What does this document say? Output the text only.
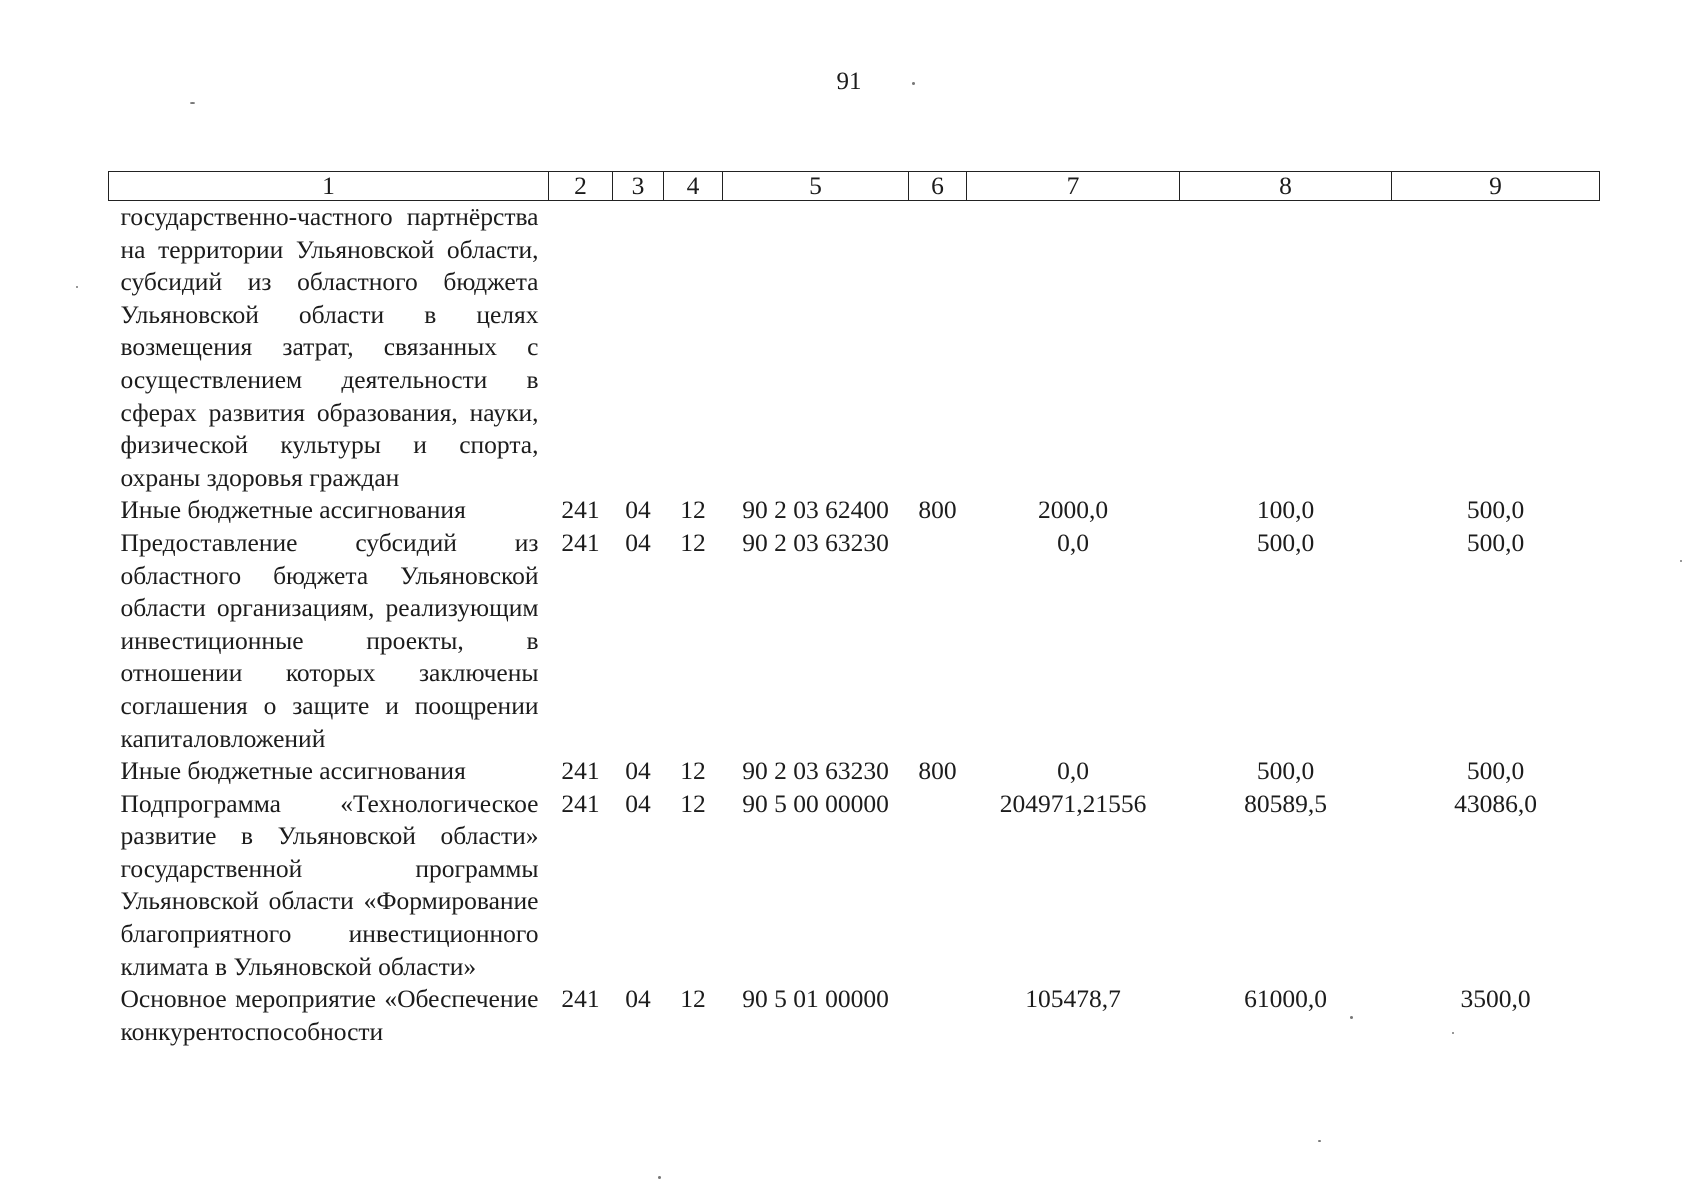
91
1	2	3	4	5	6	7	8	9
государственно-частного партнёрства на территории Ульяновской области, субсидий из областного бюджета Ульяновской области в целях возмещения затрат, связанных с осуществлением деятельности в сферах развития образования, науки, физической культуры и спорта, охраны здоровья граждан								
Иные бюджетные ассигнования	241	04	12	90 2 03 62400	800	2000,0	100,0	500,0
Предоставление субсидий из областного бюджета Ульяновской области организациям, реализующим инвестиционные проекты, в отношении которых заключены соглашения о защите и поощрении капиталовложений	241	04	12	90 2 03 63230		0,0	500,0	500,0
Иные бюджетные ассигнования	241	04	12	90 2 03 63230	800	0,0	500,0	500,0
Подпрограмма «Технологическое развитие в Ульяновской области» государственной программы Ульяновской области «Формирование благоприятного инвестиционного климата в Ульяновской области»	241	04	12	90 5 00 00000		204971,21556	80589,5	43086,0
Основное мероприятие «Обеспечение конкурентоспособности	241	04	12	90 5 01 00000		105478,7	61000,0	3500,0
